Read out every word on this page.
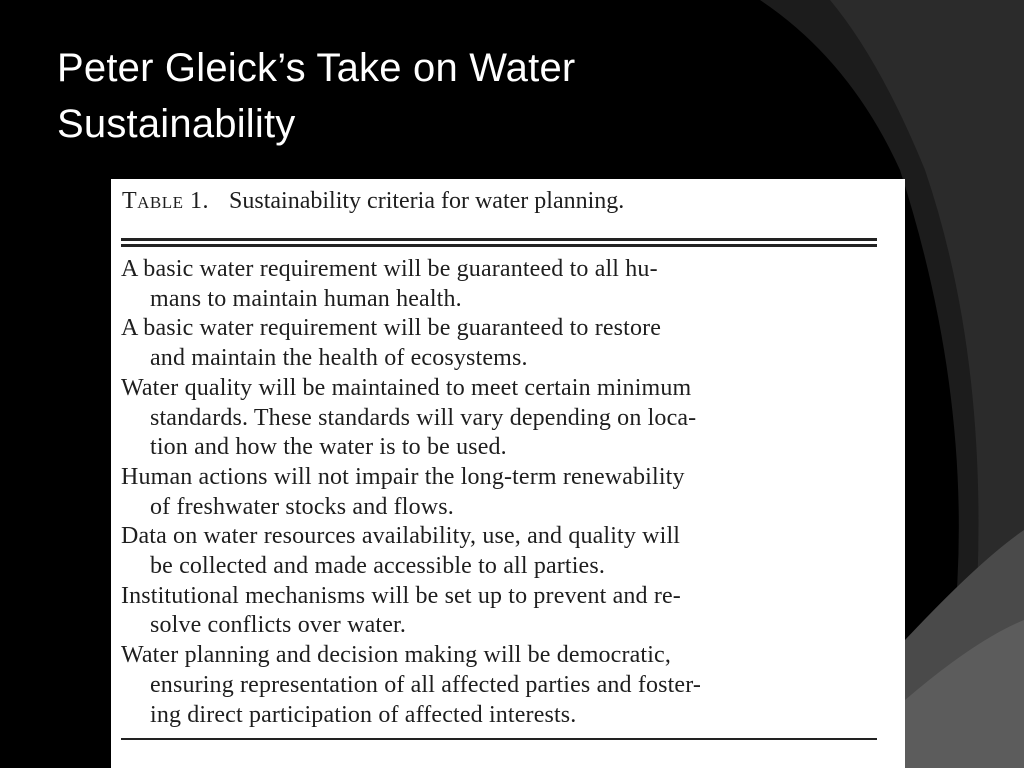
Peter Gleick’s Take on Water
Sustainability
Table 1. Sustainability criteria for water planning.
A basic water requirement will be guaranteed to all hu-
mans to maintain human health.
A basic water requirement will be guaranteed to restore
and maintain the health of ecosystems.
Water quality will be maintained to meet certain minimum
standards. These standards will vary depending on loca-
tion and how the water is to be used.
Human actions will not impair the long-term renewability
of freshwater stocks and flows.
Data on water resources availability, use, and quality will
be collected and made accessible to all parties.
Institutional mechanisms will be set up to prevent and re-
solve conflicts over water.
Water planning and decision making will be democratic,
ensuring representation of all affected parties and foster-
ing direct participation of affected interests.
